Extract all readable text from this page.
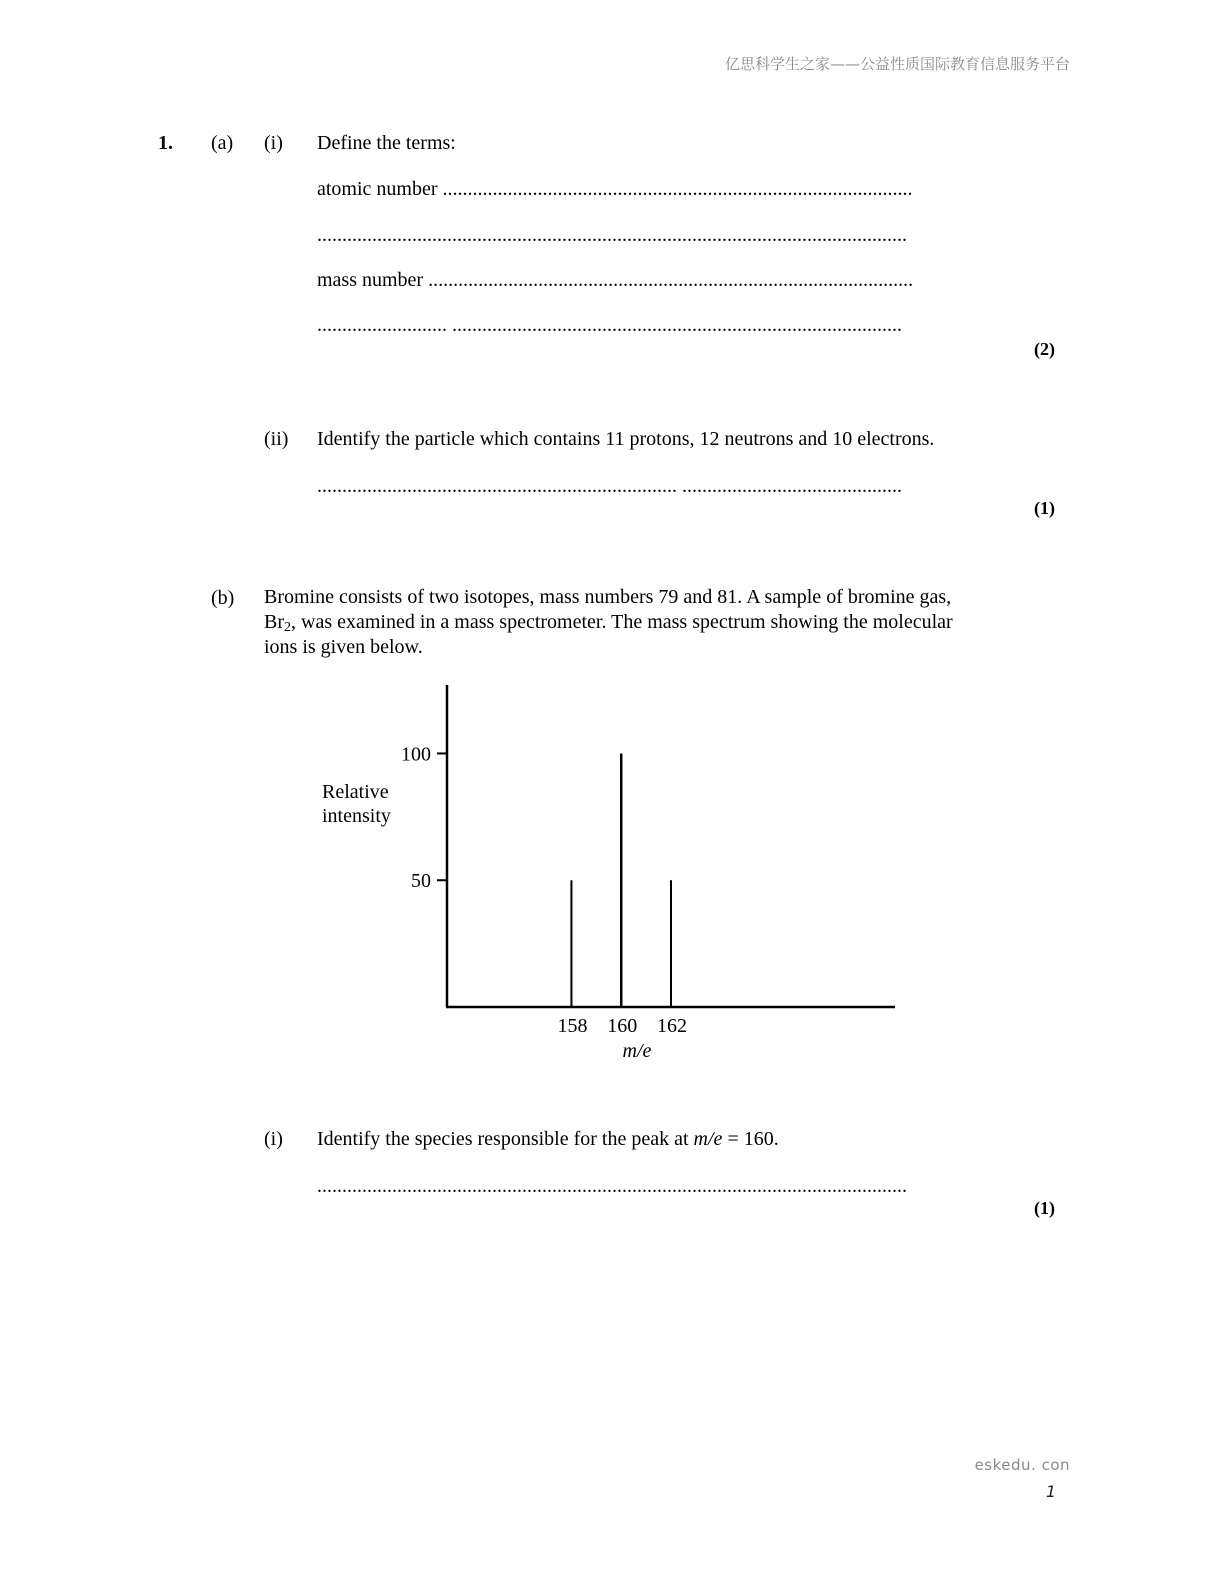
亿思科学生之家——公益性质国际教育信息服务平台
1. (a) (i) Define the terms:
atomic number ..............................................................................................
......................................................................................................................
mass number .................................................................................................
.......................... ..........................................................................................
(2)
(ii) Identify the particle which contains 11 protons, 12 neutrons and 10 electrons.
........................................................................ ............................................
(1)
(b) Bromine consists of two isotopes, mass numbers 79 and 81. A sample of bromine gas,

$Br_2$, was examined in a mass spectrometer. The mass spectrum showing the molecular

ions is given below.

Relative
intensity
m/e
50
100
158 160 162
(i) Identify the species responsible for the peak at m/e = 160.
......................................................................................................................
(1)
eskedu. con
1
